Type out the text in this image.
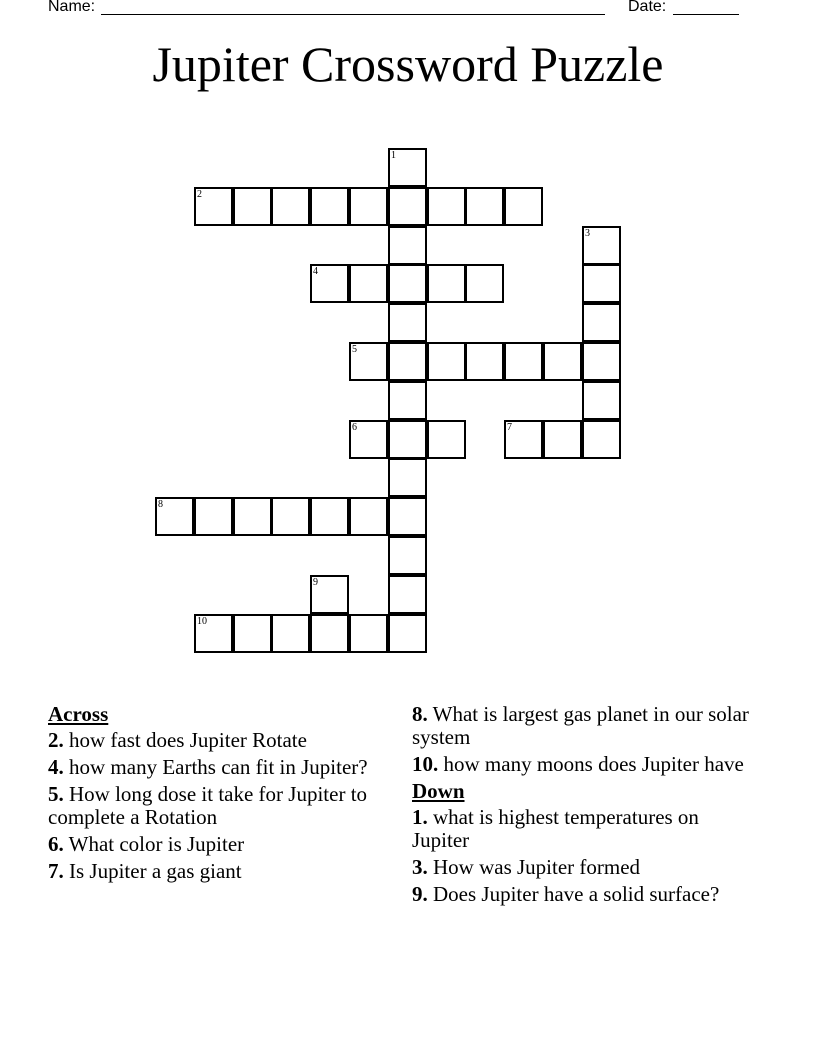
Name:	Date:
Jupiter Crossword Puzzle
1
2
3
4
5
6	7
8
9
10
Across
2. how fast does Jupiter Rotate
4. how many Earths can fit in Jupiter?
5. How long dose it take for Jupiter to complete a Rotation
6. What color is Jupiter
7. Is Jupiter a gas giant
8. What is largest gas planet in our solar system
10. how many moons does Jupiter have
Down
1. what is highest temperatures on Jupiter
3. How was Jupiter formed
9. Does Jupiter have a solid surface?
